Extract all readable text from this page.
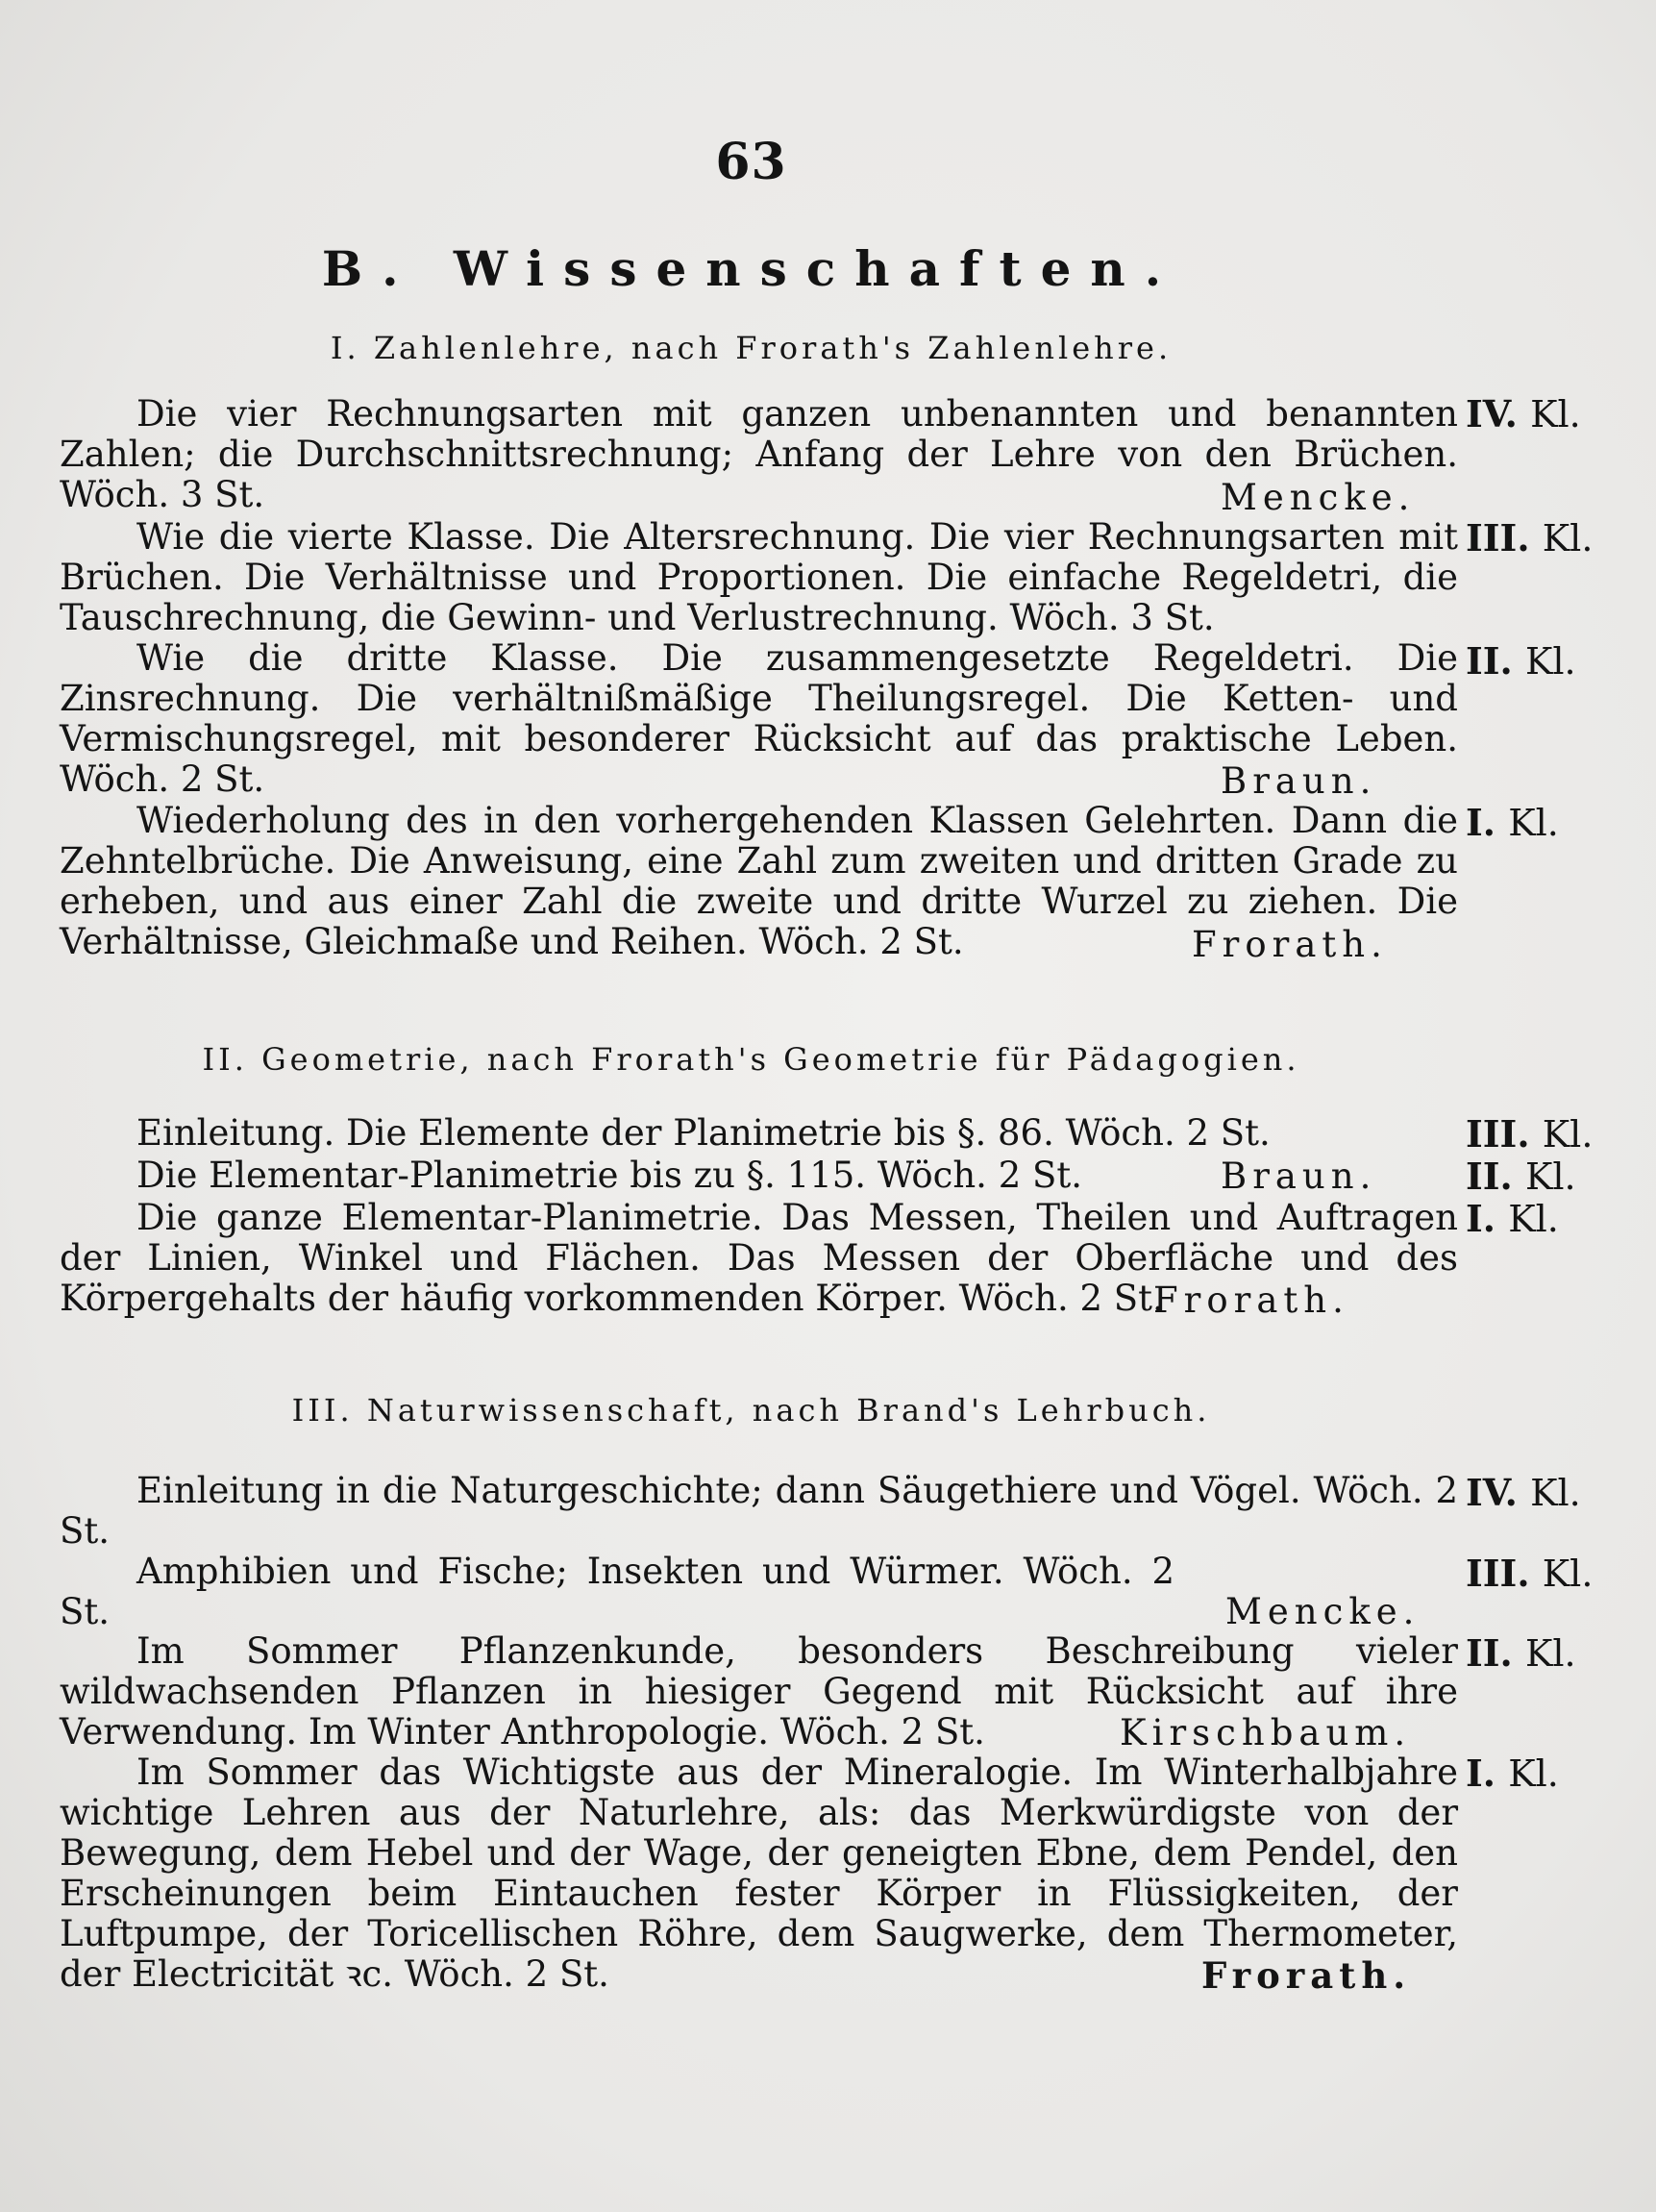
63
B. Wissenschaften.
I. Zahlenlehre, nach Frorath's Zahlenlehre.

Die vier Rechnungsarten mit ganzen unbenannten und benannten Zahlen; die Durchschnittsrechnung; Anfang der Lehre von den Brüchen. Wöch. 3 St.

IV. Kl.
Mencke.

Wie die vierte Klasse. Die Altersrechnung. Die vier Rechnungsarten mit Brüchen. Die Verhältnisse und Proportionen. Die einfache Regeldetri, die Tauschrechnung, die Gewinn- und Verlustrechnung. Wöch. 3 St.

III. Kl.

Wie die dritte Klasse. Die zusammengesetzte Regeldetri. Die Zinsrechnung. Die verhältnißmäßige Theilungsregel. Die Ketten- und Vermischungsregel, mit besonderer Rücksicht auf das praktische Leben. Wöch. 2 St.

II. Kl.
Braun.

Wiederholung des in den vorhergehenden Klassen Gelehrten. Dann die Zehntelbrüche. Die Anweisung, eine Zahl zum zweiten und dritten Grade zu erheben, und aus einer Zahl die zweite und dritte Wurzel zu ziehen. Die Verhältnisse, Gleichmaße und Reihen. Wöch. 2 St.

I. Kl.
Frorath.
II. Geometrie, nach Frorath's Geometrie für Pädagogien.

Einleitung. Die Elemente der Planimetrie bis §. 86. Wöch. 2 St.	III. Kl.

Die Elementar-Planimetrie bis zu §. 115. Wöch. 2 St.	Braun. II. Kl.

Die ganze Elementar-Planimetrie. Das Messen, Theilen und Auftragen der Linien, Winkel und Flächen. Das Messen der Oberfläche und des Körpergehalts der häufig vorkommenden Körper. Wöch. 2 St.

I. Kl.
Frorath.
III. Naturwissenschaft, nach Brand's Lehrbuch.

Einleitung in die Naturgeschichte; dann Säugethiere und Vögel. Wöch. 2 St.

IV. Kl.

Amphibien und Fische; Insekten und Würmer. Wöch. 2 St.

III. Kl.
Mencke.

Im Sommer Pflanzenkunde, besonders Beschreibung vieler wildwachsenden Pflanzen in hiesiger Gegend mit Rücksicht auf ihre Verwendung. Im Winter Anthropologie. Wöch. 2 St.

II. Kl.
Kirschbaum.

Im Sommer das Wichtigste aus der Mineralogie. Im Winterhalbjahre wichtige Lehren aus der Naturlehre, als: das Merkwürdigste von der Bewegung, dem Hebel und der Wage, der geneigten Ebne, dem Pendel, den Erscheinungen beim Eintauchen fester Körper in Flüssigkeiten, der Luftpumpe, der Toricellischen Röhre, dem Saugwerke, dem Thermometer, der Electricität ꝛc. Wöch. 2 St.

I. Kl.
Frorath.
